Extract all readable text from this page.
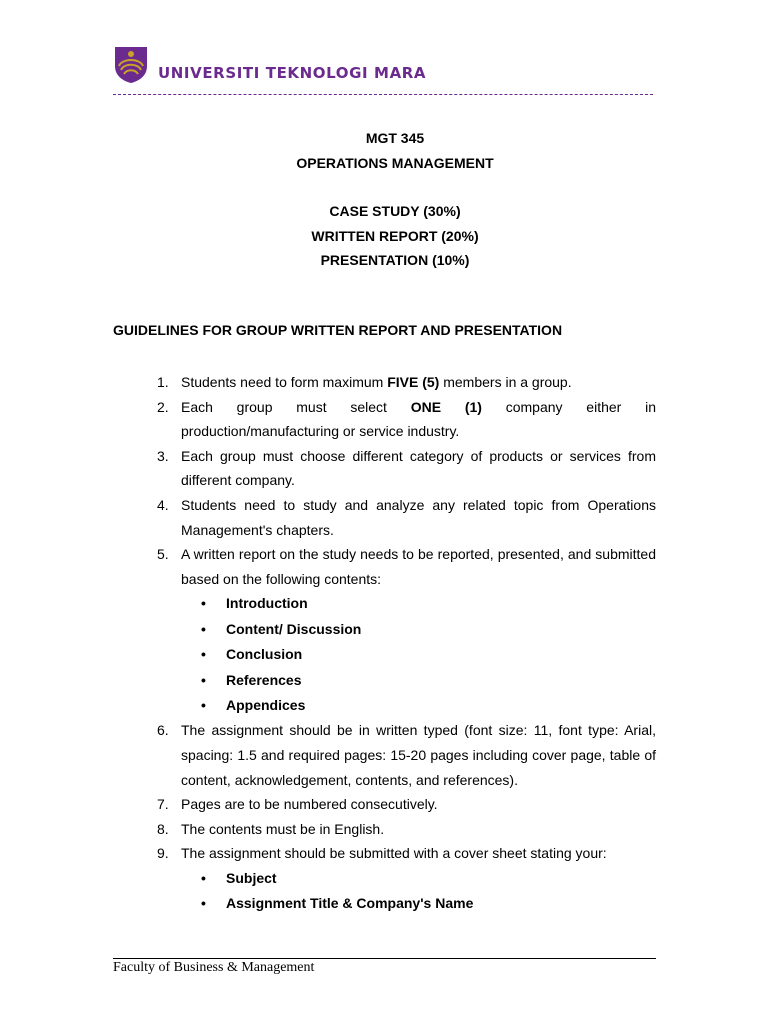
UNIVERSITI TEKNOLOGI MARA
MGT 345
OPERATIONS MANAGEMENT
CASE STUDY (30%)
WRITTEN REPORT (20%)
PRESENTATION (10%)
GUIDELINES FOR GROUP WRITTEN REPORT AND PRESENTATION
1. Students need to form maximum FIVE (5) members in a group.
2. Each group must select ONE (1) company either in production/manufacturing or service industry.
3. Each group must choose different category of products or services from different company.
4. Students need to study and analyze any related topic from Operations Management's chapters.
5. A written report on the study needs to be reported, presented, and submitted based on the following contents:
• Introduction
• Content/ Discussion
• Conclusion
• References
• Appendices
6. The assignment should be in written typed (font size: 11, font type: Arial, spacing: 1.5 and required pages: 15-20 pages including cover page, table of content, acknowledgement, contents, and references).
7. Pages are to be numbered consecutively.
8. The contents must be in English.
9. The assignment should be submitted with a cover sheet stating your:
• Subject
• Assignment Title & Company's Name
Faculty of Business & Management
